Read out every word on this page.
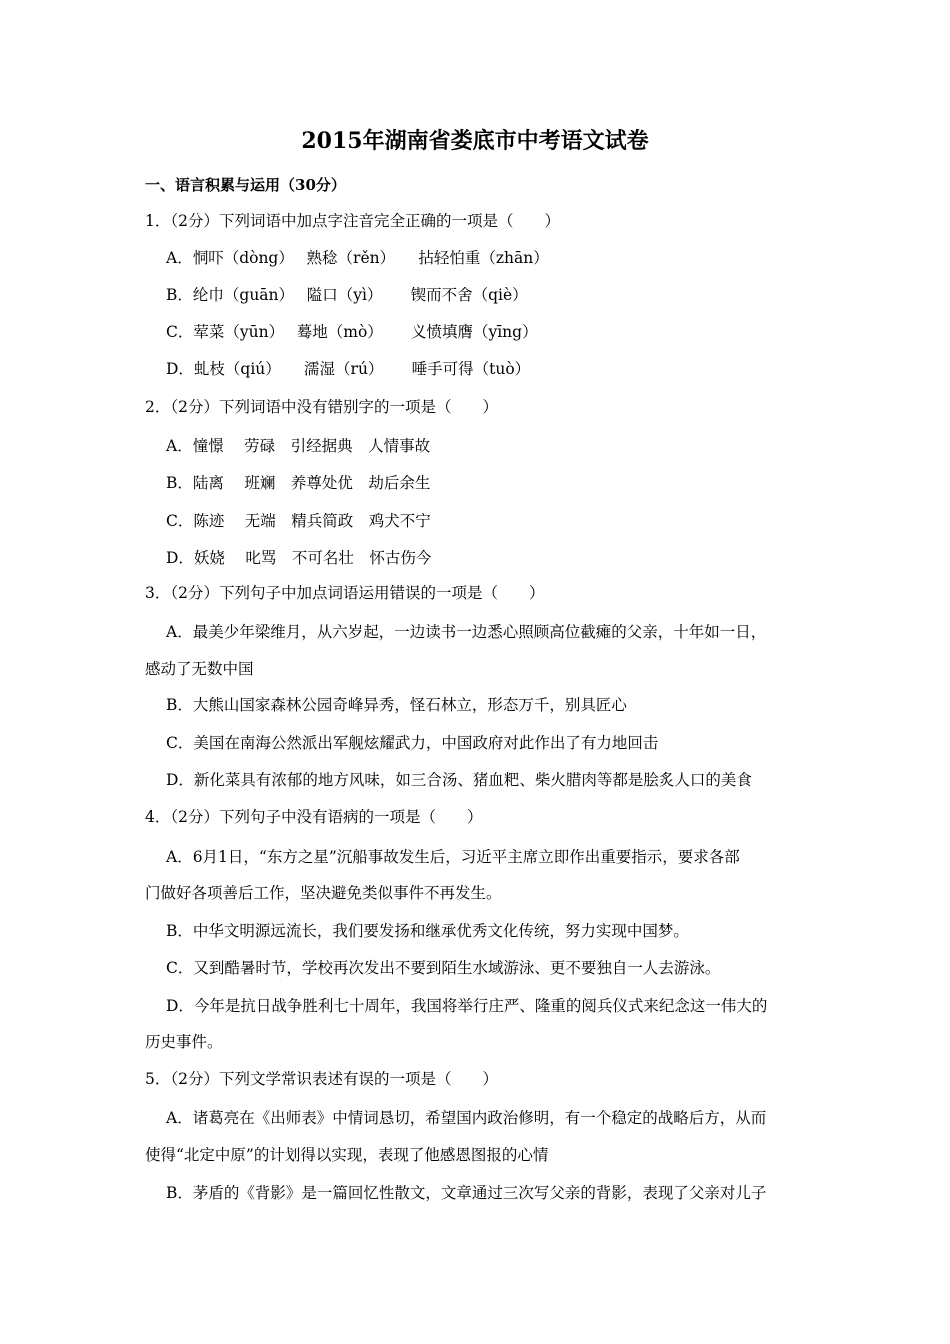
2015年湖南省娄底市中考语文试卷
一、语言积累与运用（30分）
1．（2分）下列词语中加点字注音完全正确的一项是（　　）
A．恫吓（dòng）　 熟稔（rěn）　　拈轻怕重（zhān）
B．纶巾（guān）　 隘口（yì）　　 锲而不舍（qiè）
C．荤菜（yūn）　 蓦地（mò）　　 义愤填膺（yīng）
D．虬枝（qiú）　　濡湿（rú）　　 唾手可得（tuò）
2．（2分）下列词语中没有错别字的一项是（　　）
A．憧憬　 劳碌　引经据典　人情事故
B．陆离　 班斓　养尊处优　劫后余生
C．陈迹　 无端　精兵简政　鸡犬不宁
D．妖娆　 叱骂　不可名壮　怀古伤今
3．（2分）下列句子中加点词语运用错误的一项是（　　）
A．最美少年梁维月，从六岁起，一边读书一边悉心照顾高位截瘫的父亲，十年如一日，
感动了无数中国
B．大熊山国家森林公园奇峰异秀，怪石林立，形态万千，别具匠心
C．美国在南海公然派出军舰炫耀武力，中国政府对此作出了有力地回击
D．新化菜具有浓郁的地方风味，如三合汤、猪血粑、柴火腊肉等都是脍炙人口的美食
4．（2分）下列句子中没有语病的一项是（　　）
A．6月1日，“东方之星”沉船事故发生后，习近平主席立即作出重要指示，要求各部
门做好各项善后工作，坚决避免类似事件不再发生。
B．中华文明源远流长，我们要发扬和继承优秀文化传统，努力实现中国梦。
C．又到酷暑时节，学校再次发出不要到陌生水域游泳、更不要独自一人去游泳。
D．今年是抗日战争胜利七十周年，我国将举行庄严、隆重的阅兵仪式来纪念这一伟大的
历史事件。
5．（2分）下列文学常识表述有误的一项是（　　）
A．诸葛亮在《出师表》中情词恳切，希望国内政治修明，有一个稳定的战略后方，从而
使得“北定中原”的计划得以实现，表现了他感恩图报的心情
B．茅盾的《背影》是一篇回忆性散文，文章通过三次写父亲的背影，表现了父亲对儿子
